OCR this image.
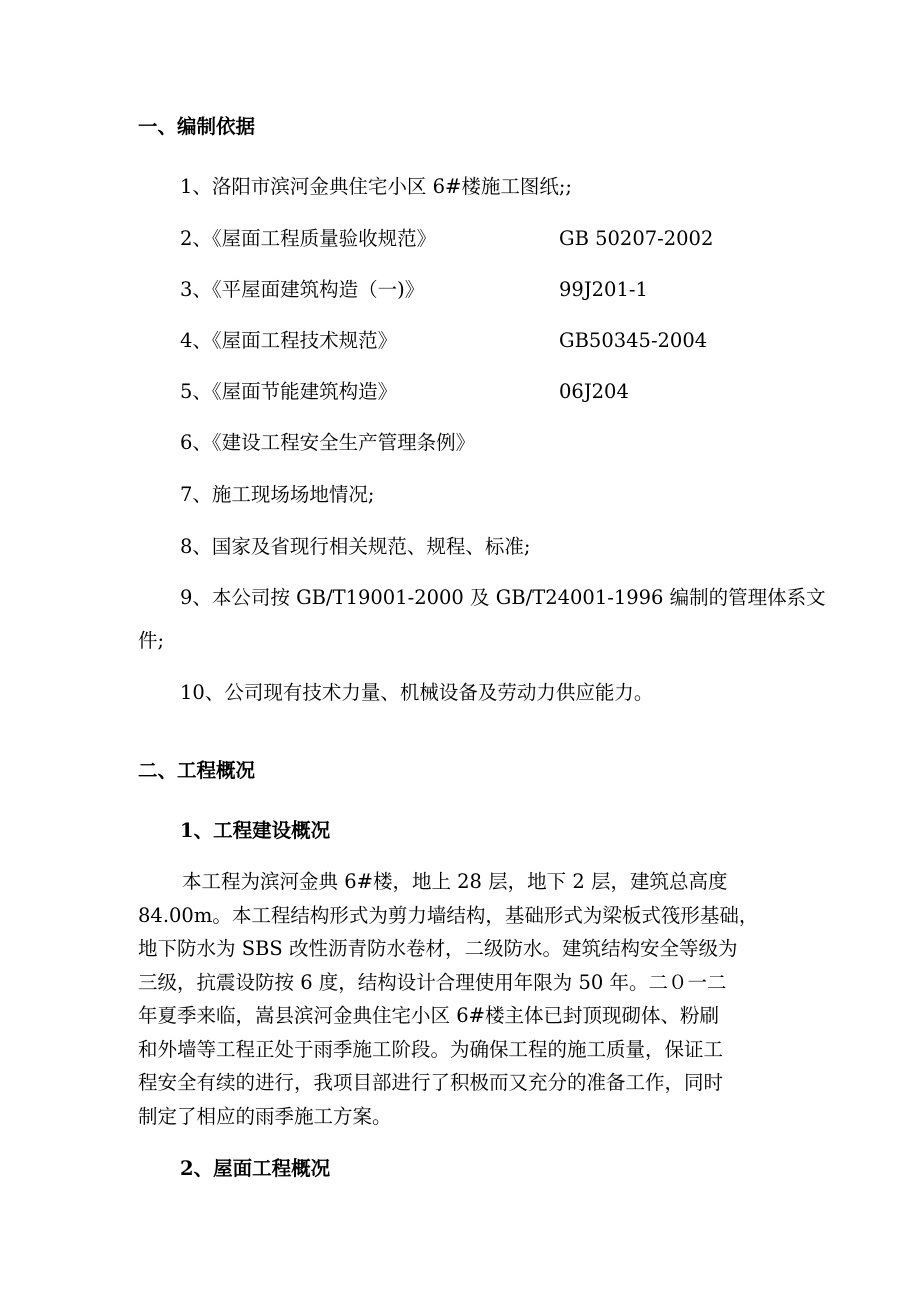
一、编制依据

1、洛阳市滨河金典住宅小区 6#楼施工图纸;;
2、《屋面工程质量验收规范》	GB 50207-2002
3、《平屋面建筑构造（一)》	99J201-1
4、《屋面工程技术规范》	GB50345-2004
5、《屋面节能建筑构造》	06J204
6、《建设工程安全生产管理条例》
7、施工现场场地情况;
8、国家及省现行相关规范、规程、标准;

9、本公司按 GB/T19001-2000 及 GB/T24001-1996 编制的管理体系文

件;

10、公司现有技术力量、机械设备及劳动力供应能力。

二、工程概况

1、工程建设概况

本工程为滨河金典 6#楼，地上 28 层，地下 2 层，建筑总高度
84.00m。本工程结构形式为剪力墙结构，基础形式为梁板式筏形基础，
地下防水为 SBS 改性沥青防水卷材，二级防水。建筑结构安全等级为
三级，抗震设防按 6 度，结构设计合理使用年限为 50 年。二０一二
年夏季来临，嵩县滨河金典住宅小区 6#楼主体已封顶现砌体、粉刷
和外墙等工程正处于雨季施工阶段。为确保工程的施工质量，保证工
程安全有续的进行，我项目部进行了积极而又充分的准备工作，同时
制定了相应的雨季施工方案。

2、屋面工程概况
